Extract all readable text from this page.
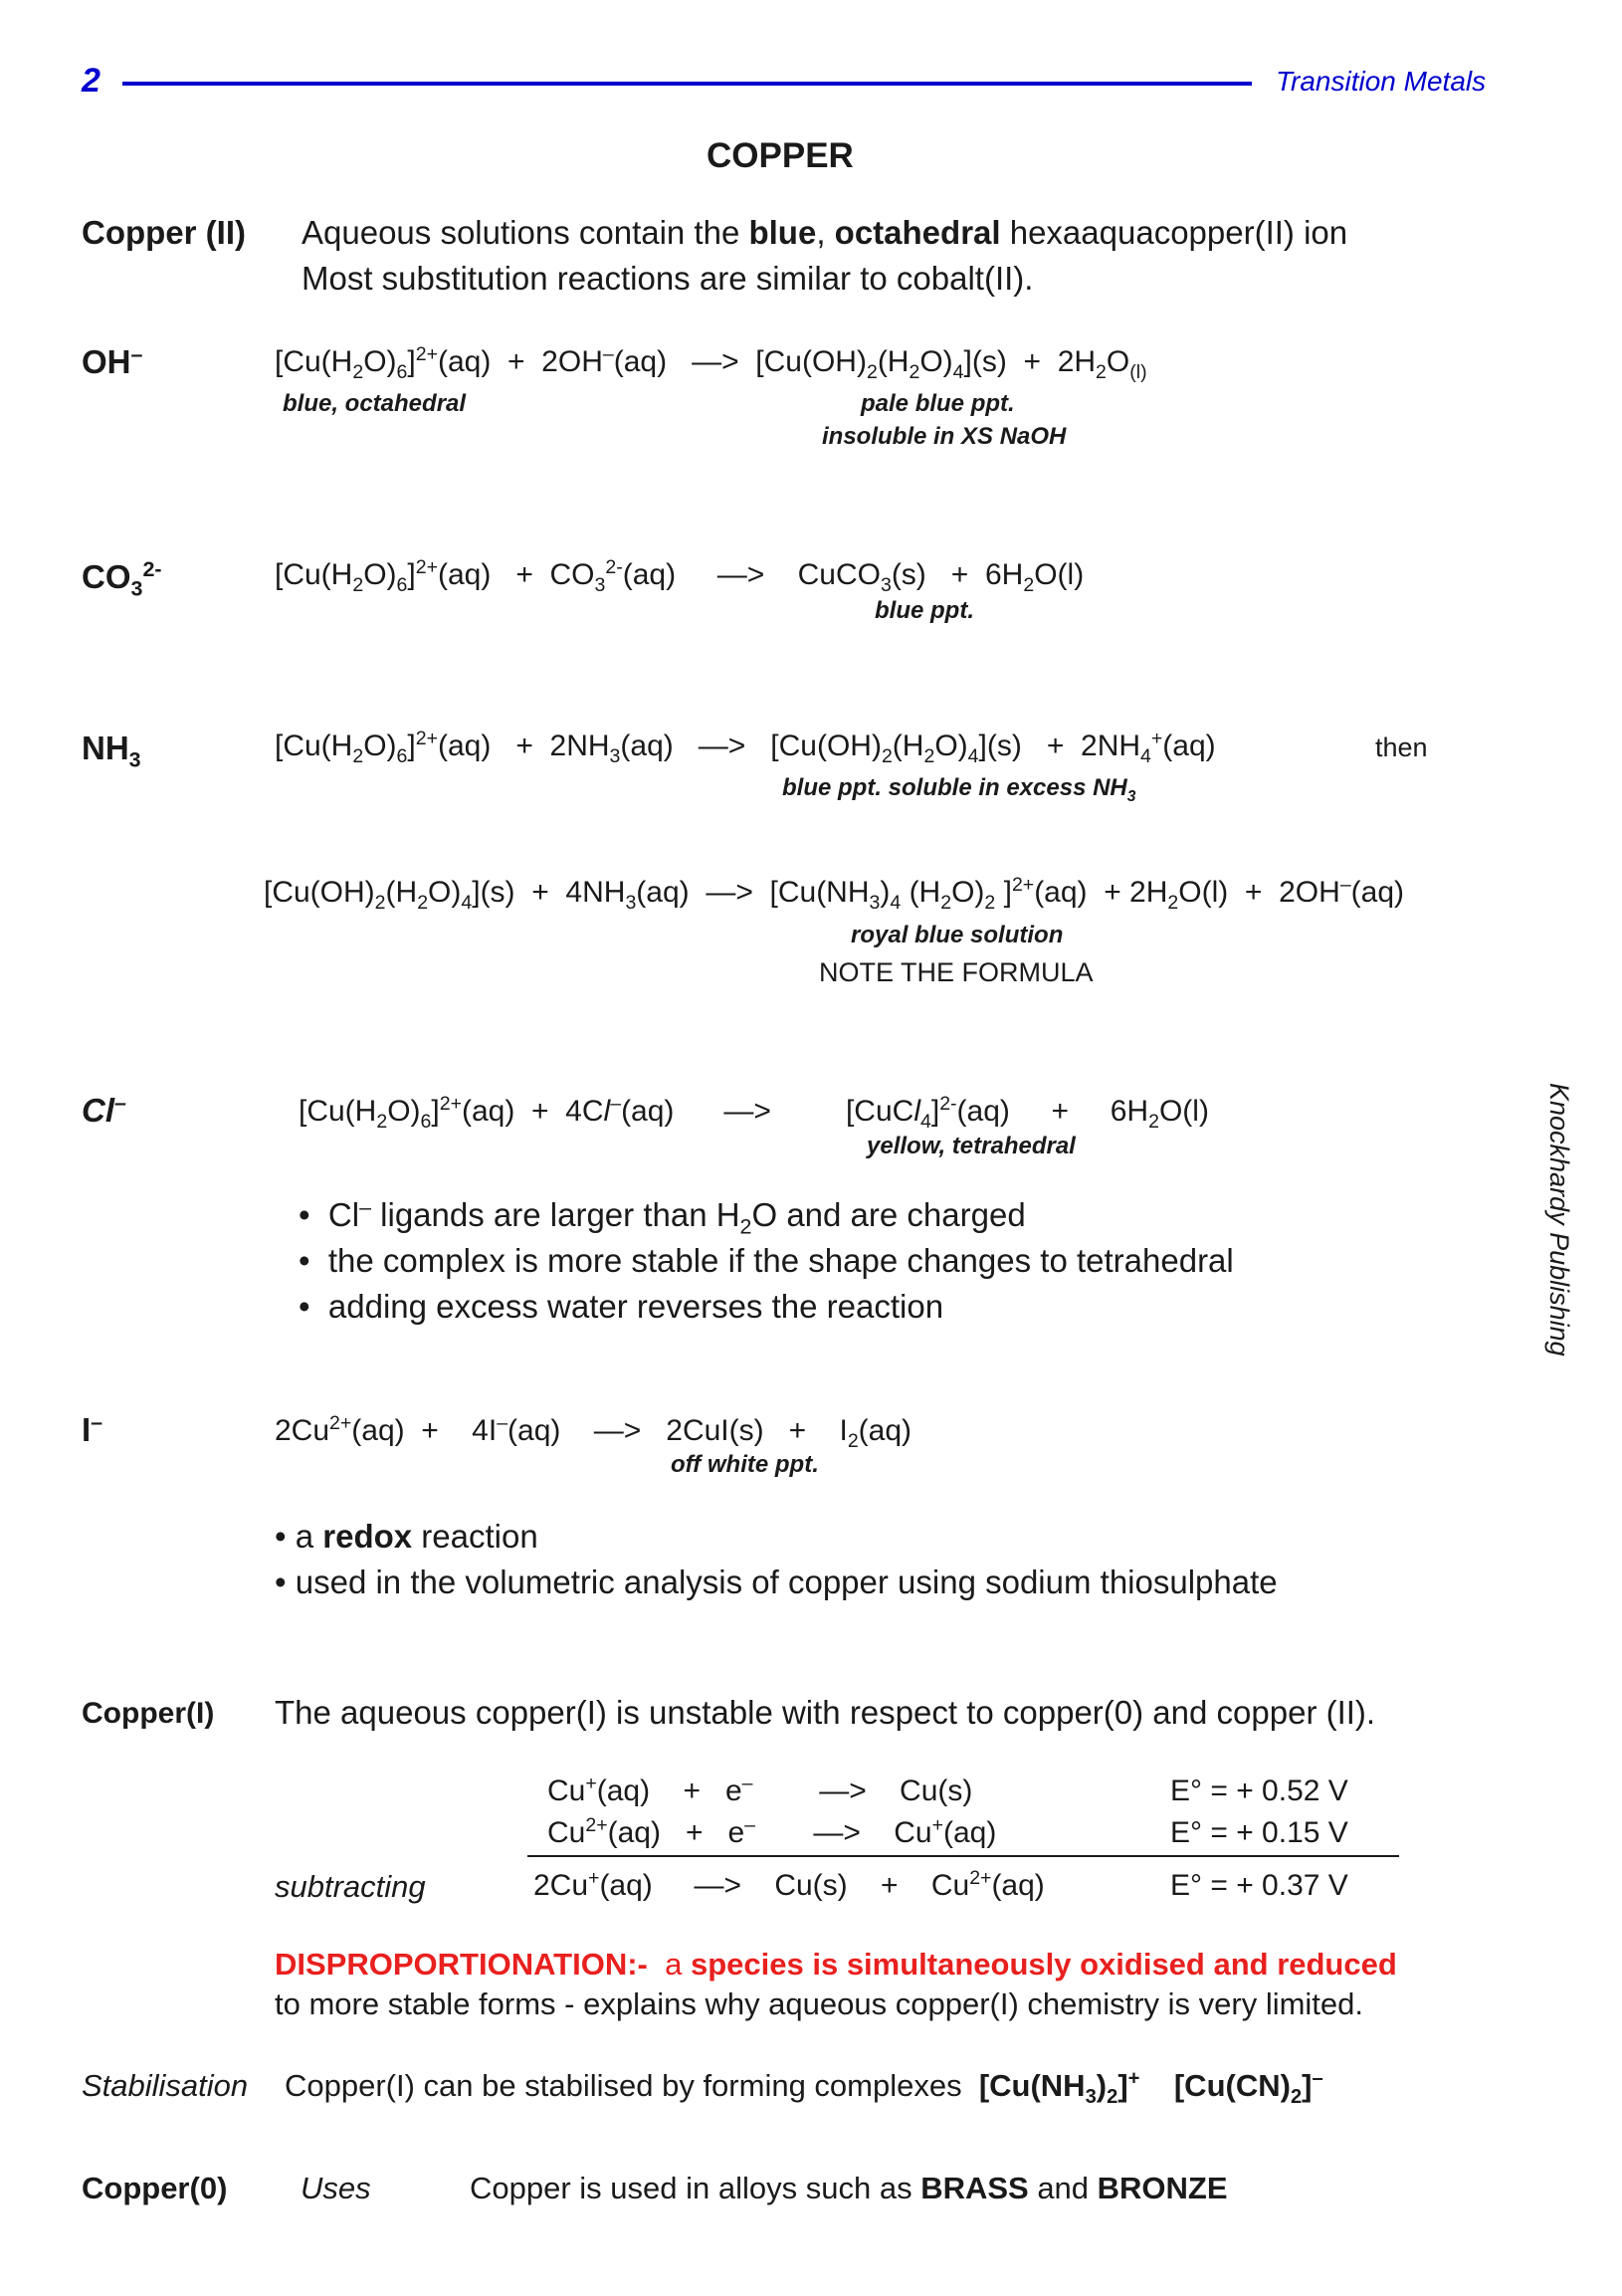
2	Transition Metals
COPPER
Knockhardy Publishing
Copper (II) Aqueous solutions contain the blue, octahedral hexaaquacopper(II) ion
Most substitution reactions are similar to cobalt(II).
OH–	$[Cu(H_2O)_6]^{2+}(aq) + 2OH^-(aq)$   —>  $[Cu(OH)_2(H_2O)_4](s) + 2H_2O_{(l)}$
blue, octahedral	pale blue ppt.
insoluble in XS NaOH
$CO_3^{2-}$	$[Cu(H_2O)_6]^{2+}(aq) + CO_3^{2-}(aq)$     —>    CuCO$_3$(s)   +  $6H_2O(l)$
blue ppt.
$NH_3$	$[Cu(H_2O)_6]^{2+}(aq) + 2NH_3(aq)$   —>   $[Cu(OH)_2(H_2O)_4](s) + 2NH_4^+(aq)$	then
blue ppt. soluble in excess $NH_3$
$[Cu(OH)_2(H_2O)_4](s) + 4NH_3(aq)$  —>  [$Cu(NH_3)_4$ $(H_2O)_2$ ]$^{2+}(aq) + 2H_2O(l) + 2OH^-(aq)$
royal blue solution
NOTE THE FORMULA
Cl–	$[Cu(H_2O)_6]^{2+}(aq) + 4Cl^-(aq)$      —>         [CuCl$_4$]$^{2-}$(aq)     +     $6H_2O(l)$
yellow, tetrahedral
•  Cl– ligands are larger than $H_2O$ and are charged
•  the complex is more stable if the shape changes to tetrahedral
•  adding excess water reverses the reaction
I–	$2Cu^{2+}(aq)$  +    4I–(aq)    —>   2CuI(s)   +    $I_2(aq)$
off white ppt.
• a redox reaction
• used in the volumetric analysis of copper using sodium thiosulphate
Copper(I) The aqueous copper(I) is unstable with respect to copper(0) and copper (II).
Cu+(aq)    +   e–        —>    Cu(s)	E° = + 0.52 V
$Cu^{2+}(aq) + e^-$       —>    Cu+(aq)	E° = + 0.15 V
subtracting	2Cu+(aq)     —>    Cu(s)    +    $Cu^{2+}(aq)$	E° = + 0.37 V
DISPROPORTIONATION:- a species is simultaneously oxidised and reduced
to more stable forms - explains why aqueous copper(I) chemistry is very limited.
Stabilisation Copper(I) can be stabilised by forming complexes $[Cu(NH_3)_2]^+$ $[Cu(CN)_2]^-$
Copper(0) Uses	Copper is used in alloys such as BRASS and BRONZE
